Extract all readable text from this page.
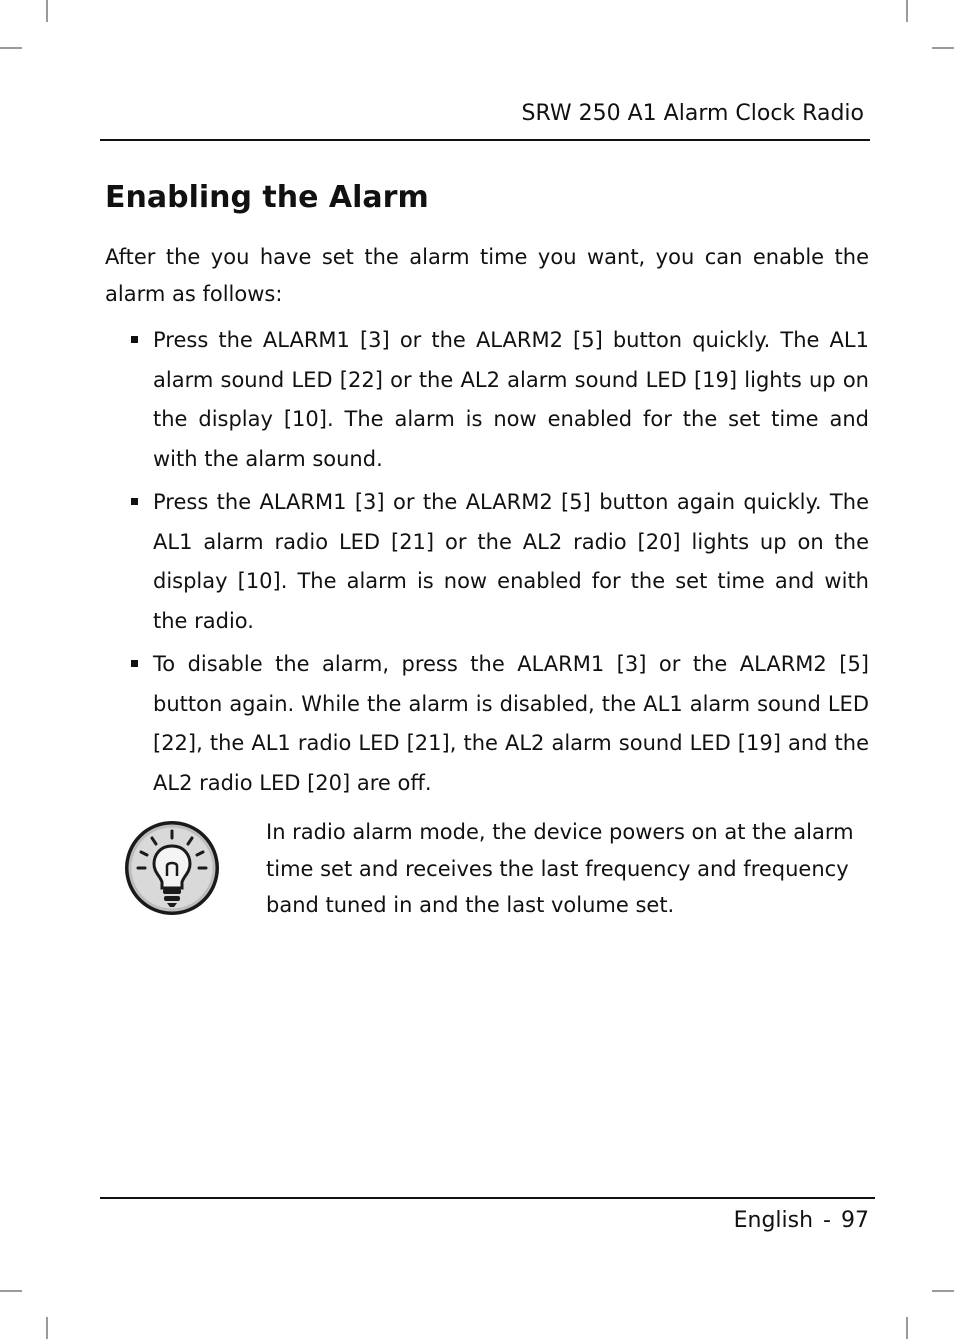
SRW 250 A1 Alarm Clock Radio
Enabling the Alarm

After the you have set the alarm time you want, you can enable the alarm as follows:

Press the ALARM1 [3] or the ALARM2 [5] button quickly. The AL1 alarm sound LED [22] or the AL2 alarm sound LED [19] lights up on the display [10]. The alarm is now enabled for the set time and with the alarm sound.
Press the ALARM1 [3] or the ALARM2 [5] button again quickly. The AL1 alarm radio LED [21] or the AL2 radio [20] lights up on the display [10]. The alarm is now enabled for the set time and with the radio.
To disable the alarm, press the ALARM1 [3] or the ALARM2 [5] button again. While the alarm is disabled, the AL1 alarm sound LED [22], the AL1 radio LED [21], the AL2 alarm sound LED [19] and the AL2 radio LED [20] are off.

In radio alarm mode, the device powers on at the alarm time set and receives the last frequency and frequency band tuned in and the last volume set.

English - 97
